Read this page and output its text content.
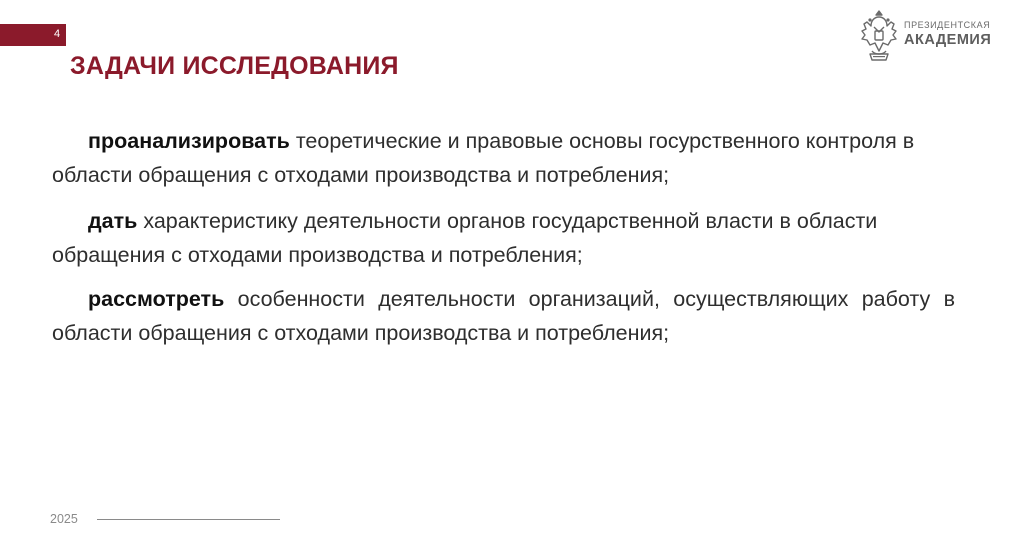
4
ЗАДАЧИ ИССЛЕДОВАНИЯ
ПРЕЗИДЕНТСКАЯ
АКАДЕМИЯ

проанализировать теоретические и правовые основы госурственного контроля в области обращения с отходами производства и потребления;

дать характеристику деятельности органов государственной власти в области обращения с отходами производства и потребления;

рассмотреть особенности деятельности организаций, осуществляющих работу в области обращения с отходами производства и потребления;

2025
